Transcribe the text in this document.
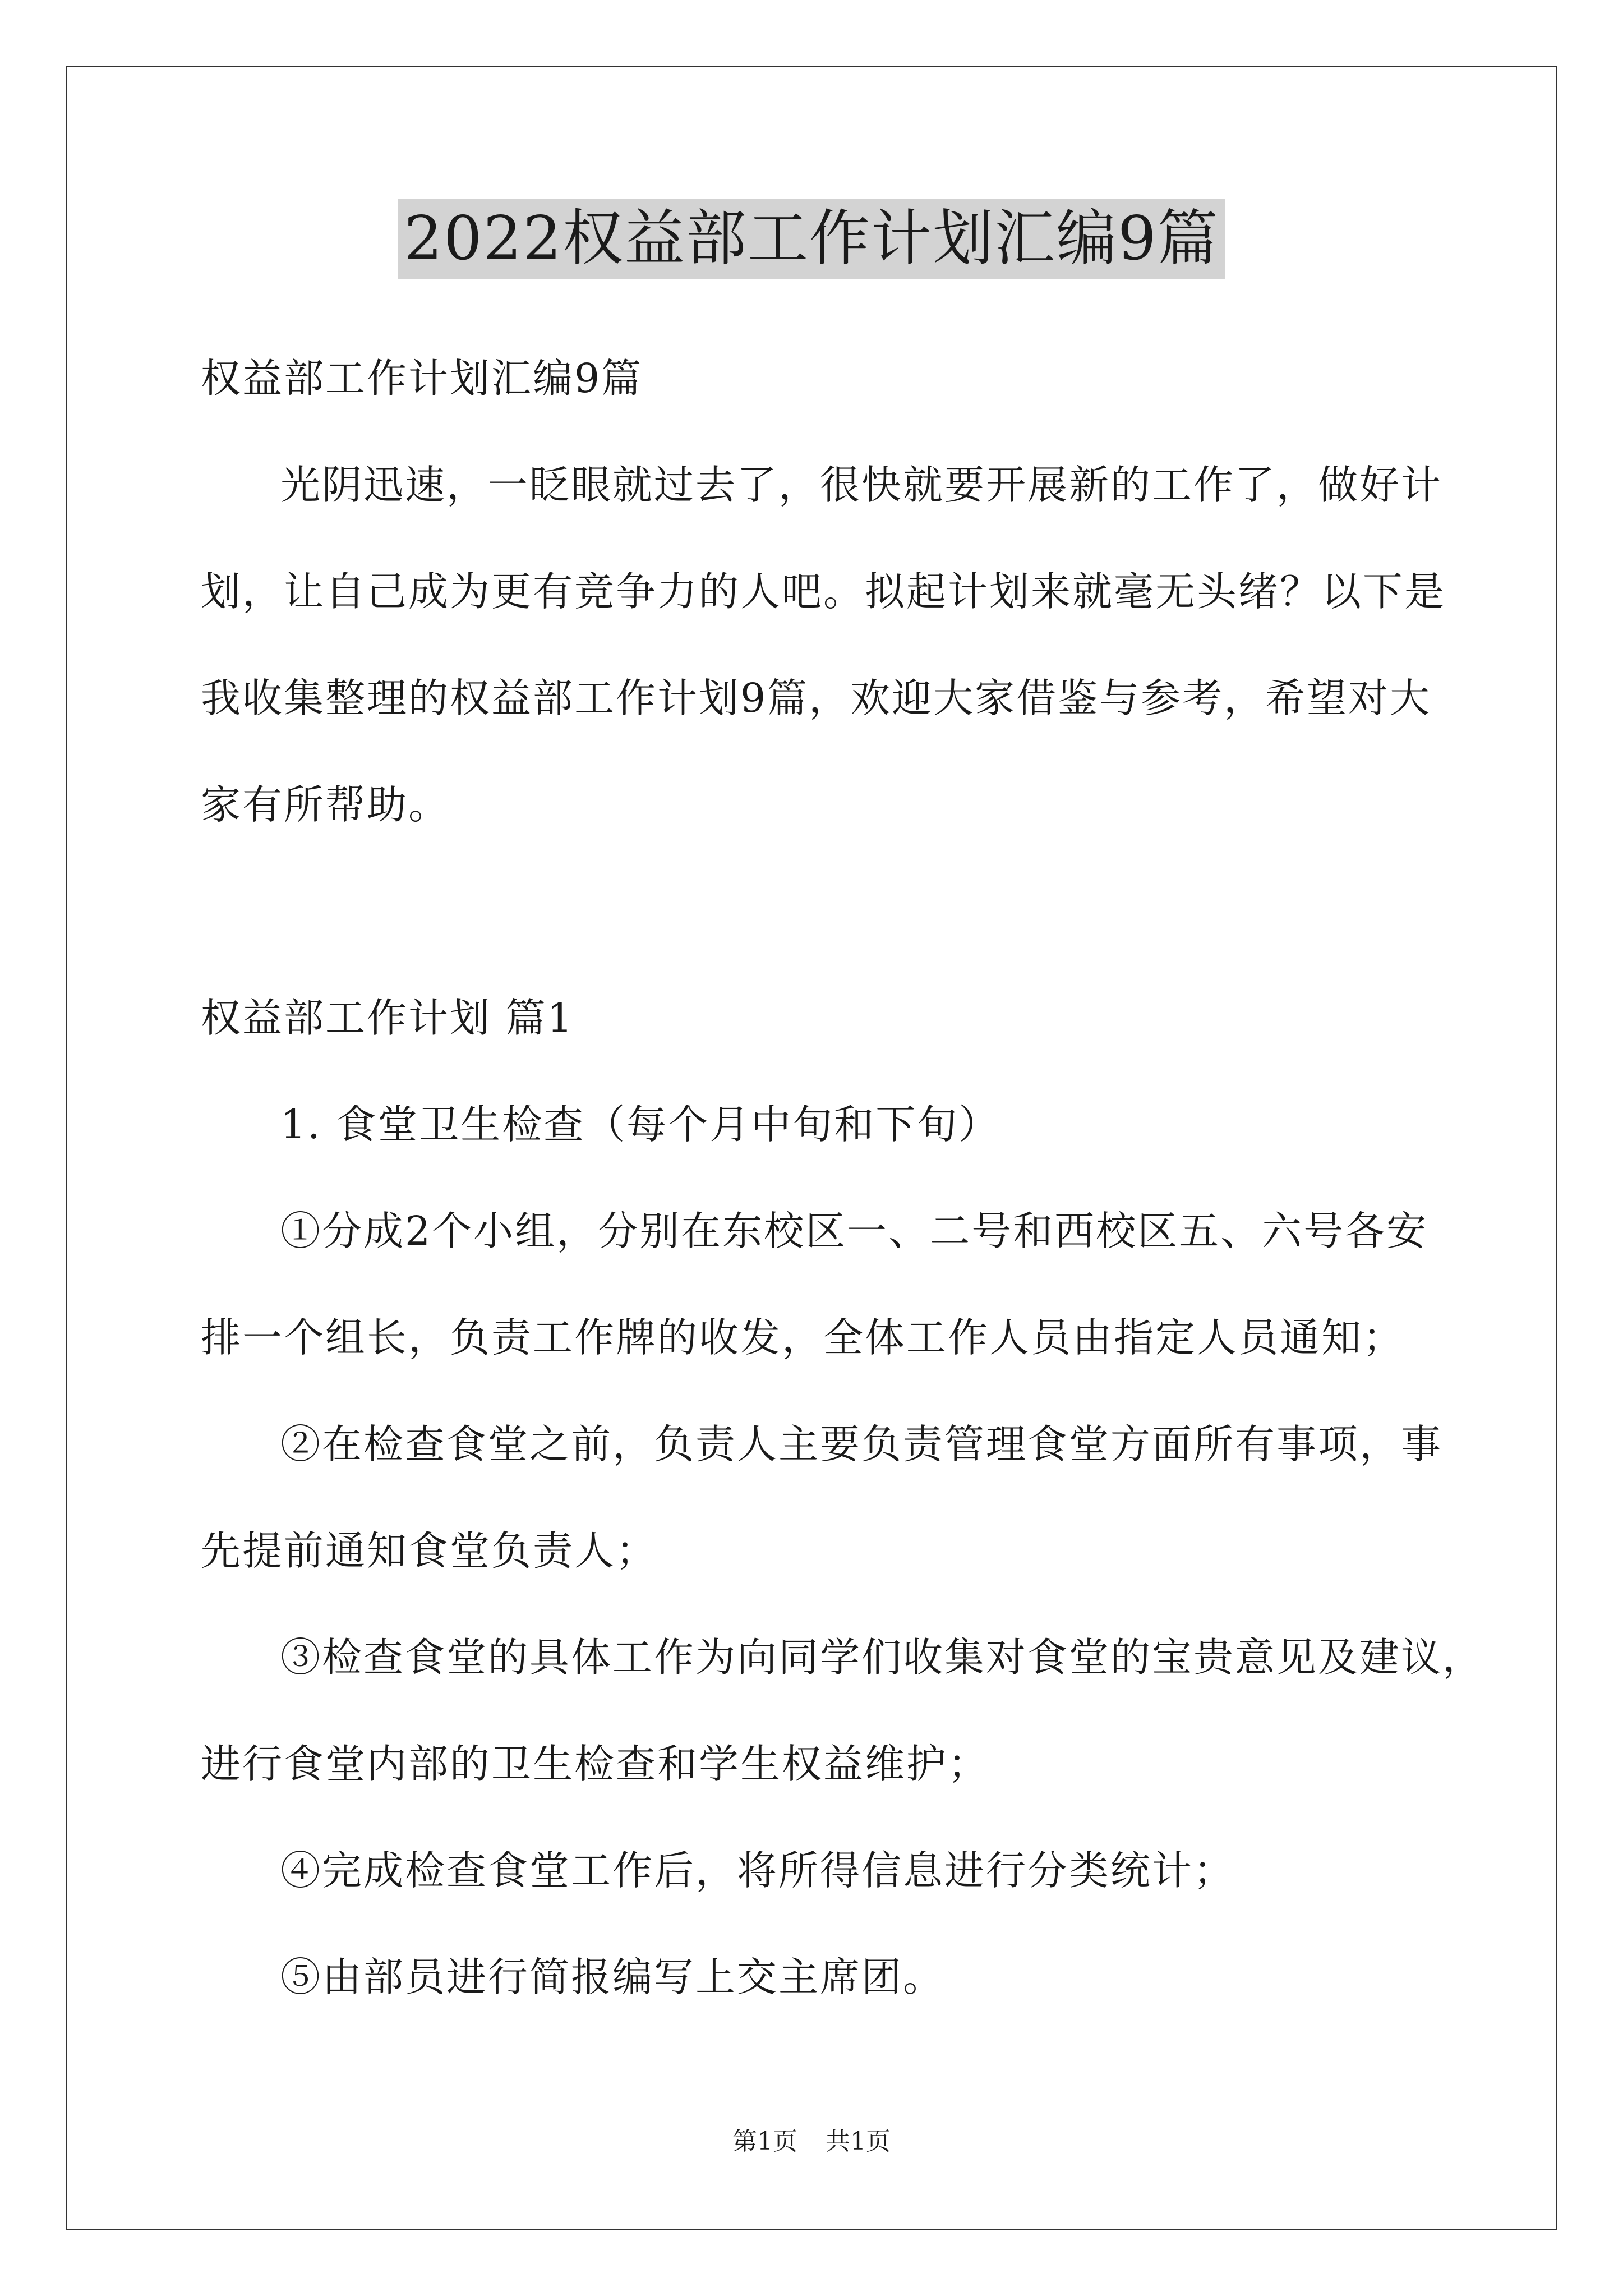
2022权益部工作计划汇编9篇
权益部工作计划汇编9篇
光阴迅速，一眨眼就过去了，很快就要开展新的工作了，做好计
划，让自己成为更有竞争力的人吧。拟起计划来就毫无头绪？以下是
我收集整理的权益部工作计划9篇，欢迎大家借鉴与参考，希望对大
家有所帮助。
权益部工作计划 篇1
1. 食堂卫生检查（每个月中旬和下旬）
①分成2个小组，分别在东校区一、二号和西校区五、六号各安
排一个组长，负责工作牌的收发，全体工作人员由指定人员通知；
②在检查食堂之前，负责人主要负责管理食堂方面所有事项，事
先提前通知食堂负责人；
③检查食堂的具体工作为向同学们收集对食堂的宝贵意见及建议，
进行食堂内部的卫生检查和学生权益维护；
④完成检查食堂工作后，将所得信息进行分类统计；
⑤由部员进行简报编写上交主席团。
第1页 共1页
